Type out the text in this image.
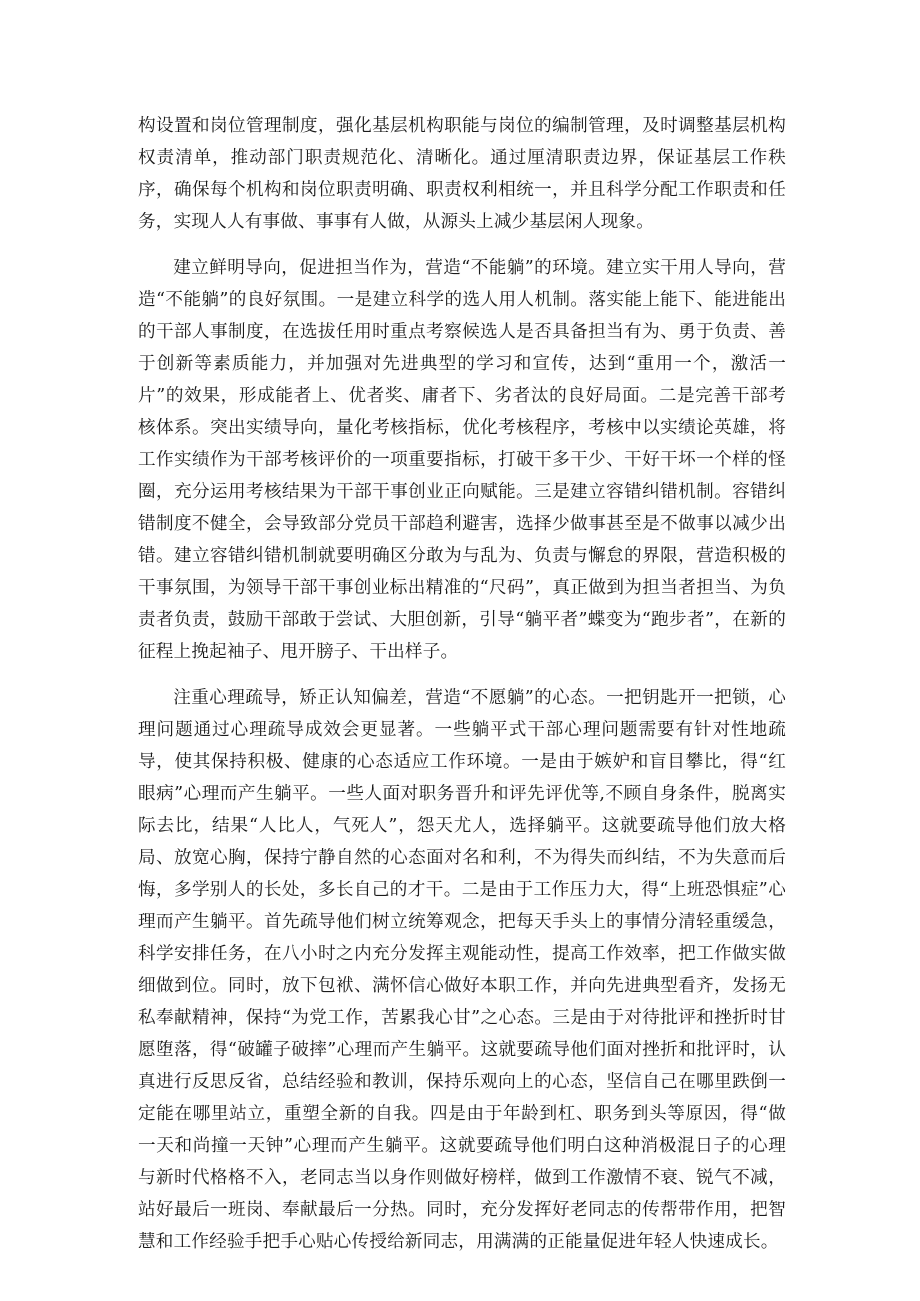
构设置和岗位管理制度，强化基层机构职能与岗位的编制管理，及时调整基层机构权责清单，推动部门职责规范化、清晰化。通过厘清职责边界，保证基层工作秩序，确保每个机构和岗位职责明确、职责权利相统一，并且科学分配工作职责和任务，实现人人有事做、事事有人做，从源头上减少基层闲人现象。

建立鲜明导向，促进担当作为，营造“不能躺”的环境。建立实干用人导向，营造“不能躺”的良好氛围。一是建立科学的选人用人机制。落实能上能下、能进能出的干部人事制度，在选拔任用时重点考察候选人是否具备担当有为、勇于负责、善于创新等素质能力，并加强对先进典型的学习和宣传，达到“重用一个，激活一片”的效果，形成能者上、优者奖、庸者下、劣者汰的良好局面。二是完善干部考核体系。突出实绩导向，量化考核指标，优化考核程序，考核中以实绩论英雄，将工作实绩作为干部考核评价的一项重要指标，打破干多干少、干好干坏一个样的怪圈，充分运用考核结果为干部干事创业正向赋能。三是建立容错纠错机制。容错纠错制度不健全，会导致部分党员干部趋利避害，选择少做事甚至是不做事以减少出错。建立容错纠错机制就要明确区分敢为与乱为、负责与懈怠的界限，营造积极的干事氛围，为领导干部干事创业标出精准的“尺码”，真正做到为担当者担当、为负责者负责，鼓励干部敢于尝试、大胆创新，引导“躺平者”蝶变为“跑步者”，在新的征程上挽起袖子、甩开膀子、干出样子。

注重心理疏导，矫正认知偏差，营造“不愿躺”的心态。一把钥匙开一把锁，心理问题通过心理疏导成效会更显著。一些躺平式干部心理问题需要有针对性地疏导，使其保持积极、健康的心态适应工作环境。一是由于嫉妒和盲目攀比，得“红眼病”心理而产生躺平。一些人面对职务晋升和评先评优等,不顾自身条件，脱离实际去比，结果“人比人，气死人”，怨天尤人，选择躺平。这就要疏导他们放大格局、放宽心胸，保持宁静自然的心态面对名和利，不为得失而纠结，不为失意而后悔，多学别人的长处，多长自己的才干。二是由于工作压力大，得“上班恐惧症”心理而产生躺平。首先疏导他们树立统筹观念，把每天手头上的事情分清轻重缓急，科学安排任务，在八小时之内充分发挥主观能动性，提高工作效率，把工作做实做细做到位。同时，放下包袱、满怀信心做好本职工作，并向先进典型看齐，发扬无私奉献精神，保持“为党工作，苦累我心甘”之心态。三是由于对待批评和挫折时甘愿堕落，得“破罐子破摔”心理而产生躺平。这就要疏导他们面对挫折和批评时，认真进行反思反省，总结经验和教训，保持乐观向上的心态，坚信自己在哪里跌倒一定能在哪里站立，重塑全新的自我。四是由于年龄到杠、职务到头等原因，得“做一天和尚撞一天钟”心理而产生躺平。这就要疏导他们明白这种消极混日子的心理与新时代格格不入，老同志当以身作则做好榜样，做到工作激情不衰、锐气不减，站好最后一班岗、奉献最后一分热。同时，充分发挥好老同志的传帮带作用，把智慧和工作经验手把手心贴心传授给新同志，用满满的正能量促进年轻人快速成长。
